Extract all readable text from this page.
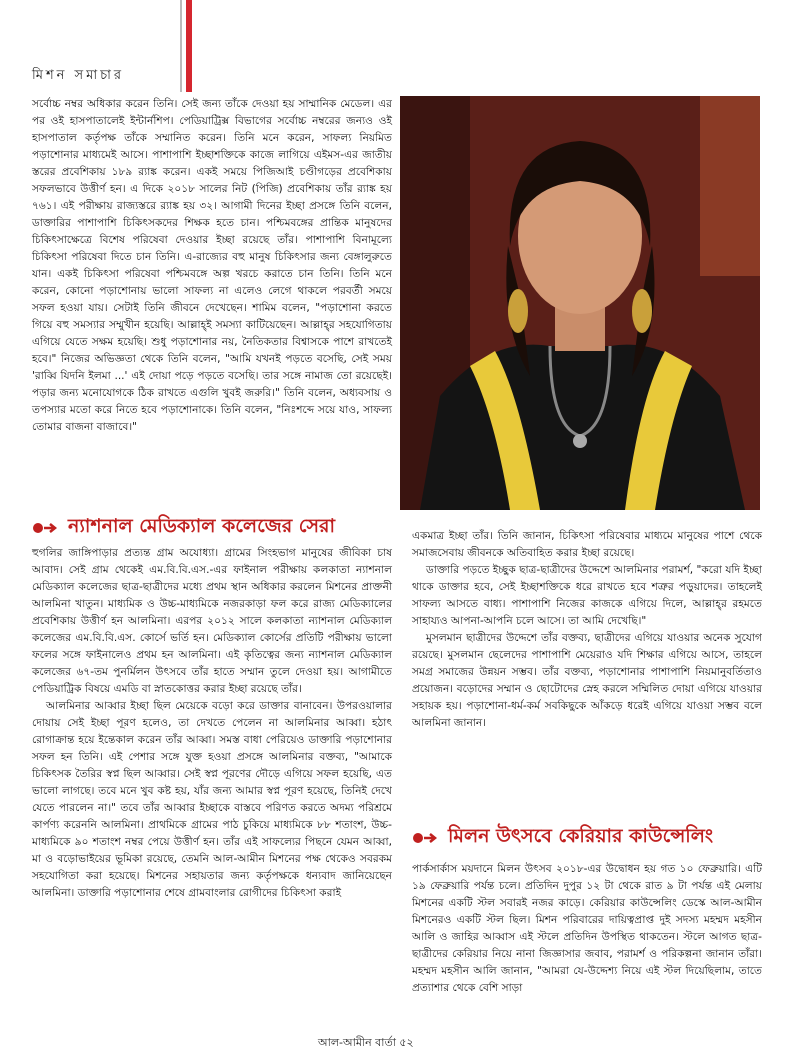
মিশন সমাচার

সর্বোচ্চ নম্বর অধিকার করেন তিনি। সেই জন্য তাঁকে দেওয়া হয় সাম্মানিক মেডেল। এর পর ওই হাসপাতালেই ইন্টার্নশিপ। পেডিয়াট্রিক্স বিভাগের সর্বোচ্চ নম্বরের জন্যও ওই হাসপাতাল কর্তৃপক্ষ তাঁকে সম্মানিত করেন। তিনি মনে করেন, সাফল্য নিয়মিত পড়াশোনার মাধ্যমেই আসে। পাশাপাশি ইচ্ছাশক্তিকে কাজে লাগিয়ে এইমস-এর জাতীয় স্তরের প্রবেশিকায় ১৮৯ র‍্যাঙ্ক করেন। একই সময়ে পিজিআই চণ্ডীগড়ের প্রবেশিকায় সফলভাবে উত্তীর্ণ হন। এ দিকে ২০১৮ সালের নিট (পিজি) প্রবেশিকায় তাঁর র‍্যাঙ্ক হয় ৭৬১। এই পরীক্ষায় রাজ্যস্তরে র‍্যাঙ্ক হয় ৩২। আগামী দিনের ইচ্ছা প্রসঙ্গে তিনি বলেন, ডাক্তারির পাশাপাশি চিকিৎসকদের শিক্ষক হতে চান। পশ্চিমবঙ্গের প্রান্তিক মানুষদের চিকিৎসাক্ষেত্রে বিশেষ পরিষেবা দেওয়ার ইচ্ছা রয়েছে তাঁর। পাশাপাশি বিনামূল্যে চিকিৎসা পরিষেবা দিতে চান তিনি। এ-রাজ্যের বহু মানুষ চিকিৎসার জন্য বেঙ্গালুরুতে যান। একই চিকিৎসা পরিষেবা পশ্চিমবঙ্গে অল্প খরচে করাতে চান তিনি। তিনি মনে করেন, কোনো পড়াশোনায় ভালো সাফল্য না এলেও লেগে থাকলে পরবর্তী সময়ে সফল হওয়া যায়। সেটাই তিনি জীবনে দেখেছেন। শামিম বলেন, "পড়াশোনা করতে গিয়ে বহু সমস্যার সম্মুখীন হয়েছি। আল্লাহ্‌ই সমস্যা কাটিয়েছেন। আল্লাহ্‌র সহযোগিতায় এগিয়ে যেতে সক্ষম হয়েছি। শুধু পড়াশোনার নয়, নৈতিকতার বিশ্বাসকে পাশে রাখতেই হবে।" নিজের অভিজ্ঞতা থেকে তিনি বলেন, "আমি যখনই পড়তে বসেছি, সেই সময় 'রাব্বি যিদনি ইলমা ...' এই দোয়া পড়ে পড়তে বসেছি। তার সঙ্গে নামাজ তো রয়েছেই। পড়ার জন্য মনোযোগকে ঠিক রাখতে এগুলি খুবই জরুরি।" তিনি বলেন, অধ্যবসায় ও তপস্যার মতো করে নিতে হবে পড়াশোনাকে। তিনি বলেন, "নিঃশব্দে সয়ে যাও, সাফল্য তোমার বাজনা বাজাবে।"

ন্যাশনাল মেডিক্যাল কলেজের সেরা

হুগলির জাঙ্গিপাড়ার প্রত্যন্ত গ্রাম অযোধ্যা। গ্রামের সিংহভাগ মানুষের জীবিকা চাষ আবাদ। সেই গ্রাম থেকেই এম.বি.বি.এস.-এর ফাইনাল পরীক্ষায় কলকাতা ন্যাশনাল মেডিক্যাল কলেজের ছাত্র-ছাত্রীদের মধ্যে প্রথম স্থান অধিকার করলেন মিশনের প্রাক্তনী আলমিনা খাতুন। মাধ্যমিক ও উচ্চ-মাধ্যমিকে নজরকাড়া ফল করে রাজ্য মেডিক্যালের প্রবেশিকায় উত্তীর্ণ হন আলমিনা। এরপর ২০১২ সালে কলকাতা ন্যাশনাল মেডিক্যাল কলেজের এম.বি.বি.এস. কোর্সে ভর্তি হন। মেডিক্যাল কোর্সের প্রতিটি পরীক্ষায় ভালো ফলের সঙ্গে ফাইনালেও প্রথম হন আলমিনা। এই কৃতিত্বের জন্য ন্যাশনাল মেডিক্যাল কলেজের ৬৭-তম পুনর্মিলন উৎসবে তাঁর হাতে সম্মান তুলে দেওয়া হয়। আগামীতে পেডিয়াট্রিক বিষয়ে এমডি বা স্নাতকোত্তর করার ইচ্ছা রয়েছে তাঁর।

আলমিনার আব্বার ইচ্ছা ছিল মেয়েকে বড়ো করে ডাক্তার বানাবেন। উপরওয়ালার দোয়ায় সেই ইচ্ছা পূরণ হলেও, তা দেখতে পেলেন না আলমিনার আব্বা। হঠাৎ রোগাক্রান্ত হয়ে ইন্তেকাল করেন তাঁর আব্বা। সমস্ত বাধা পেরিয়েও ডাক্তারি পড়াশোনার সফল হন তিনি। এই পেশার সঙ্গে যুক্ত হওয়া প্রসঙ্গে আলমিনার বক্তব্য, "আমাকে চিকিৎসক তৈরির স্বপ্ন ছিল আব্বার। সেই স্বপ্ন পূরণের দৌড়ে এগিয়ে সফল হয়েছি, এত ভালো লাগছে। তবে মনে খুব কষ্ট হয়, যাঁর জন্য আমার স্বপ্ন পূরণ হয়েছে, তিনিই দেখে যেতে পারলেন না।" তবে তাঁর আব্বার ইচ্ছাকে বাস্তবে পরিণত করতে অদম্য পরিশ্রমে কার্পণ্য করেননি আলমিনা। প্রাথমিকে গ্রামের পাঠ চুকিয়ে মাধ্যমিকে ৮৮ শতাংশ, উচ্চ-মাধ্যমিকে ৯০ শতাংশ নম্বর পেয়ে উত্তীর্ণ হন। তাঁর এই সাফল্যের পিছনে যেমন আব্বা, মা ও বড়োভাইয়ের ভূমিকা রয়েছে, তেমনি আল-আমীন মিশনের পক্ষ থেকেও সবরকম সহযোগিতা করা হয়েছে। মিশনের সহায়তার জন্য কর্তৃপক্ষকে ধন্যবাদ জানিয়েছেন আলমিনা। ডাক্তারি পড়াশোনার শেষে গ্রামবাংলার রোগীদের চিকিৎসা করাই

একমাত্র ইচ্ছা তাঁর। তিনি জানান, চিকিৎসা পরিষেবার মাধ্যমে মানুষের পাশে থেকে সমাজসেবায় জীবনকে অতিবাহিত করার ইচ্ছা রয়েছে।

ডাক্তারি পড়তে ইচ্ছুক ছাত্র-ছাত্রীদের উদ্দেশে আলমিনার পরামর্শ, "করো যদি ইচ্ছা থাকে ডাক্তার হবে, সেই ইচ্ছাশক্তিকে ধরে রাখতে হবে শত্রুর পড়ুয়াদের। তাহলেই সাফল্য আসতে বাধ্য। পাশাপাশি নিজের কাজকে এগিয়ে দিলে, আল্লাহ্‌র রহমতে সাহায্যও আপনা-আপনি চলে আসে। তা আমি দেখেছি।"

মুসলমান ছাত্রীদের উদ্দেশে তাঁর বক্তব্য, ছাত্রীদের এগিয়ে যাওয়ার অনেক সুযোগ রয়েছে। মুসলমান ছেলেদের পাশাপাশি মেয়েরাও যদি শিক্ষার এগিয়ে আসে, তাহলে সমগ্র সমাজের উন্নয়ন সম্ভব। তাঁর বক্তব্য, পড়াশোনার পাশাপাশি নিয়মানুবর্তিতাও প্রয়োজন। বড়োদের সম্মান ও ছোটোদের স্নেহ করলে সম্মিলিত দোয়া এগিয়ে যাওয়ার সহায়ক হয়। পড়াশোনা-ধর্ম-কর্ম সবকিছুকে আঁকড়ে ধরেই এগিয়ে যাওয়া সম্ভব বলে আলমিনা জানান।

মিলন উৎসবে কেরিয়ার কাউন্সেলিং

পার্কসার্কাস ময়দানে মিলন উৎসব ২০১৮-এর উদ্বোধন হয় গত ১০ ফেব্রুয়ারি। এটি ১৯ ফেব্রুয়ারি পর্যন্ত চলে। প্রতিদিন দুপুর ১২ টা থেকে রাত ৯ টা পর্যন্ত এই মেলায় মিশনের একটি স্টল সবারই নজর কাড়ে। কেরিয়ার কাউন্সেলিং ডেস্কে আল-আমীন মিশনেরও একটি স্টল ছিল। মিশন পরিবারের দায়িত্বপ্রাপ্ত দুই সদস্য মহম্মদ মহসীন আলি ও জাহির আব্বাস এই স্টলে প্রতিদিন উপস্থিত থাকতেন। স্টলে আগত ছাত্র-ছাত্রীদের কেরিয়ার নিয়ে নানা জিজ্ঞাসার জবাব, পরামর্শ ও পরিকল্পনা জানান তাঁরা। মহম্মদ মহসীন আলি জানান, "আমরা যে-উদ্দেশ্য নিয়ে এই স্টল দিয়েছিলাম, তাতে প্রত্যাশার থেকে বেশি সাড়া

আল-আমীন বার্তা ৫২
